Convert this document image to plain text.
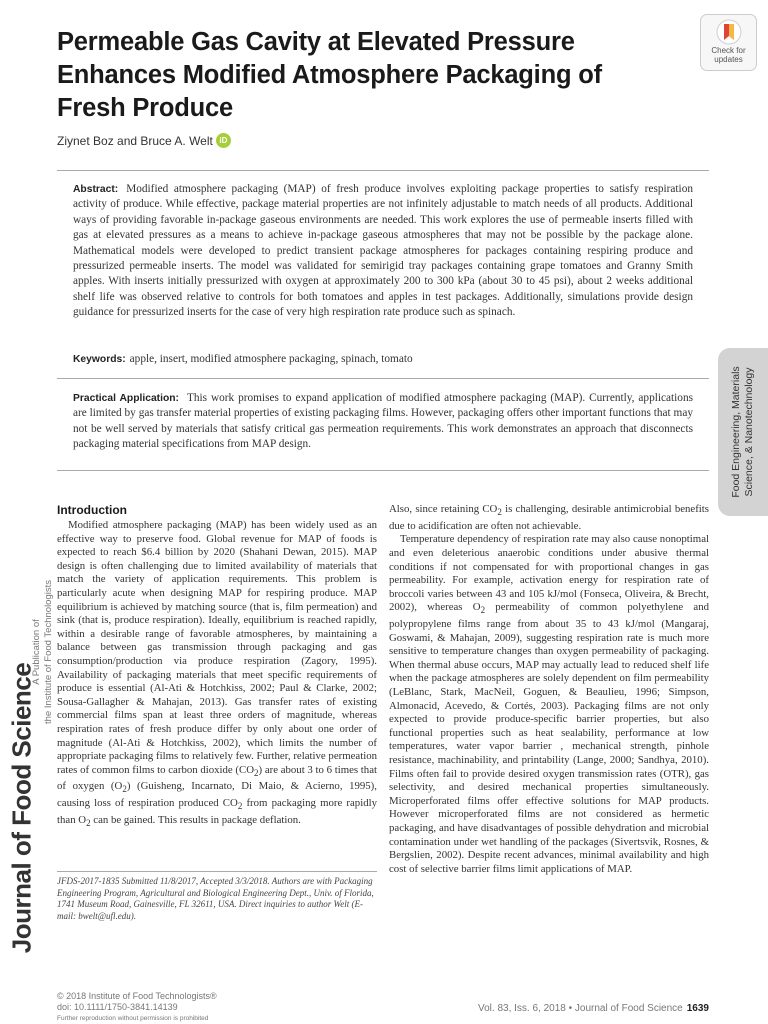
Permeable Gas Cavity at Elevated Pressure
Enhances Modified Atmosphere Packaging of
Fresh Produce
Check for
updates
Ziynet Boz and Bruce A. Welt iD
Abstract: Modified atmosphere packaging (MAP) of fresh produce involves exploiting package properties to satisfy respiration activity of produce. While effective, package material properties are not infinitely adjustable to match needs of all products. Additional ways of providing favorable in-package gaseous environments are needed. This work explores the use of permeable inserts filled with gas at elevated pressures as a means to achieve in-package gaseous atmospheres that may not be possible by the package alone. Mathematical models were developed to predict transient package atmospheres for packages containing respiring produce and pressurized permeable inserts. The model was validated for semirigid tray packages containing grape tomatoes and Granny Smith apples. With inserts initially pressurized with oxygen at approximately 200 to 300 kPa (about 30 to 45 psi), about 2 weeks additional shelf life was observed relative to controls for both tomatoes and apples in test packages. Additionally, simulations provide design guidance for pressurized inserts for the case of very high respiration rate produce such as spinach.
Keywords: apple, insert, modified atmosphere packaging, spinach, tomato
Practical Application: This work promises to expand application of modified atmosphere packaging (MAP). Currently, applications are limited by gas transfer material properties of existing packaging films. However, packaging offers other important functions that may not be well served by materials that satisfy critical gas permeation requirements. This work demonstrates an approach that disconnects packaging material specifications from MAP design.	Food Engineering, Materials
Science, & Nanotechnology
A Publication of
the Institute of Food Technologists
Journal of Food Science
Introduction

Modified atmosphere packaging (MAP) has been widely used as an effective way to preserve food. Global revenue for MAP of foods is expected to reach $6.4 billion by 2020 (Shahani Dewan, 2015). MAP design is often challenging due to limited availability of materials that match the variety of application requirements. This problem is particularly acute when designing MAP for respiring produce. MAP equilibrium is achieved by matching source (that is, film permeation) and sink (that is, produce respiration). Ideally, equilibrium is reached rapidly, within a desirable range of favorable atmospheres, by maintaining a balance between gas transmission through packaging and gas consumption/production via produce respiration (Zagory, 1995). Availability of packaging materials that meet specific requirements of produce is essential (Al-Ati & Hotchkiss, 2002; Paul & Clarke, 2002; Sousa-Gallagher & Mahajan, 2013). Gas transfer rates of existing commercial films span at least three orders of magnitude, whereas respiration rates of fresh produce differ by only about one order of magnitude (Al-Ati & Hotchkiss, 2002), which limits the number of appropriate packaging films to relatively few. Further, relative permeation rates of common films to carbon dioxide $(CO_2)$ are about 3 to 6 times that of oxygen $(O_2)$ (Guisheng, Incarnato, Di Maio, & Acierno, 1995), causing loss of respiration produced $CO_2$ from packaging more rapidly than $O_2$ can be gained. This results in package deflation.

Also, since retaining $CO_2$ is challenging, desirable antimicrobial benefits due to acidification are often not achievable.

Temperature dependency of respiration rate may also cause nonoptimal and even deleterious anaerobic conditions under abusive thermal conditions if not compensated for with proportional changes in gas permeability. For example, activation energy for respiration rate of broccoli varies between 43 and 105 kJ/mol (Fonseca, Oliveira, & Brecht, 2002), whereas $O_2$ permeability of common polyethylene and polypropylene films range from about 35 to 43 kJ/mol (Mangaraj, Goswami, & Mahajan, 2009), suggesting respiration rate is much more sensitive to temperature changes than oxygen permeability of packaging. When thermal abuse occurs, MAP may actually lead to reduced shelf life when the package atmospheres are solely dependent on film permeability (LeBlanc, Stark, MacNeil, Goguen, & Beaulieu, 1996; Simpson, Almonacid, Acevedo, & Cortés, 2003). Packaging films are not only expected to provide produce-specific barrier properties, but also functional properties such as heat sealability, performance at low temperatures, water vapor barrier , mechanical strength, pinhole resistance, machinability, and printability (Lange, 2000; Sandhya, 2010). Films often fail to provide desired oxygen transmission rates (OTR), gas selectivity, and desired mechanical properties simultaneously. Microperforated films offer effective solutions for MAP products. However microperforated films are not considered as hermetic packaging, and have disadvantages of possible dehydration and microbial contamination under wet handling of the packages (Sivertsvik, Rosnes, & Bergslien, 2002). Despite recent advances, minimal availability and high cost of selective barrier films limit applications of MAP.

JFDS-2017-1835 Submitted 11/8/2017, Accepted 3/3/2018. Authors are with Packaging Engineering Program, Agricultural and Biological Engineering Dept., Univ. of Florida, 1741 Museum Road, Gainesville, FL 32611, USA. Direct inquiries to author Welt (E-mail: bwelt@ufl.edu).
© 2018 Institute of Food Technologists®
doi: 10.1111/1750-3841.14139
Further reproduction without permission is prohibited
Vol. 83, Iss. 6, 2018 • Journal of Food Science 1639
